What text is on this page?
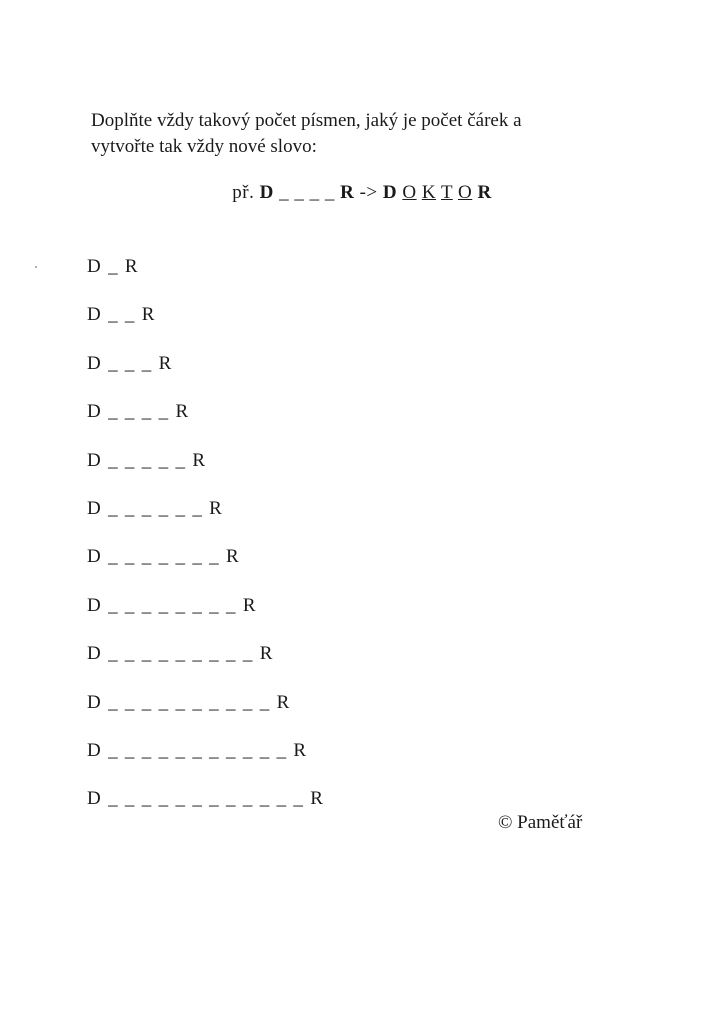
Doplňte vždy takový počet písmen, jaký je počet čárek a
vytvořte tak vždy nové slovo:
př. D _ _ _ _ R -> D O K T O R
D _ R
D _ _ R
D _ _ _ R
D _ _ _ _ R
D _ _ _ _ _ R
D _ _ _ _ _ _ R
D _ _ _ _ _ _ _ R
D _ _ _ _ _ _ _ _ R
D _ _ _ _ _ _ _ _ _ R
D _ _ _ _ _ _ _ _ _ _ R
D _ _ _ _ _ _ _ _ _ _ _ R
D _ _ _ _ _ _ _ _ _ _ _ _ R
© Paměťář
